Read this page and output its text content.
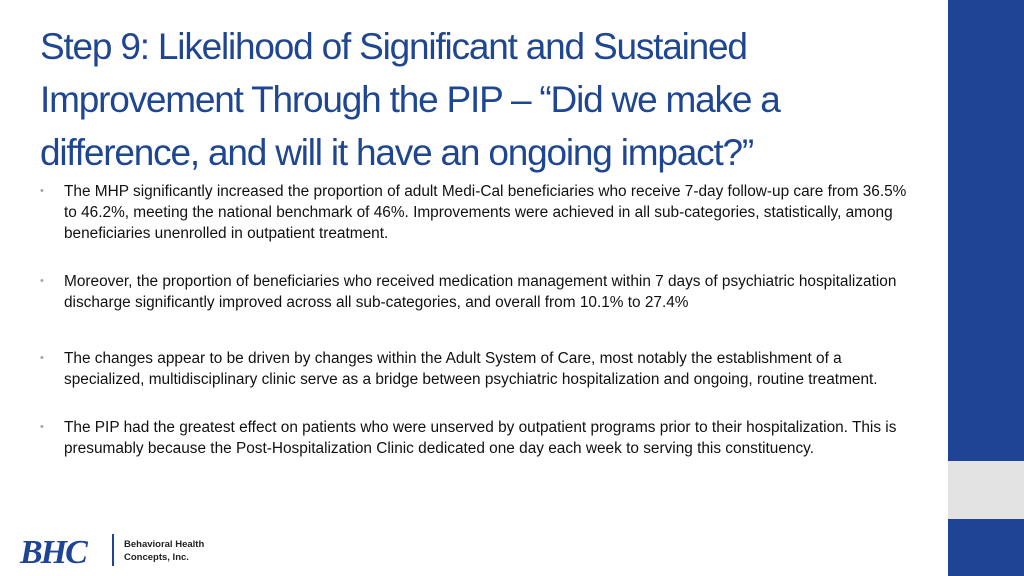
Step 9: Likelihood of Significant and Sustained Improvement Through the PIP – “Did we make a difference, and will it have an ongoing impact?”
• The MHP significantly increased the proportion of adult Medi-Cal beneficiaries who receive 7-day follow-up care from 36.5% to 46.2%, meeting the national benchmark of 46%. Improvements were achieved in all sub-categories, statistically, among beneficiaries unenrolled in outpatient treatment.
• Moreover, the proportion of beneficiaries who received medication management within 7 days of psychiatric hospitalization discharge significantly improved across all sub-categories, and overall from 10.1% to 27.4%
• The changes appear to be driven by changes within the Adult System of Care, most notably the establishment of a specialized, multidisciplinary clinic serve as a bridge between psychiatric hospitalization and ongoing, routine treatment.
• The PIP had the greatest effect on patients who were unserved by outpatient programs prior to their hospitalization. This is presumably because the Post-Hospitalization Clinic dedicated one day each week to serving this constituency.
BHC	Behavioral Health
Concepts, Inc.
